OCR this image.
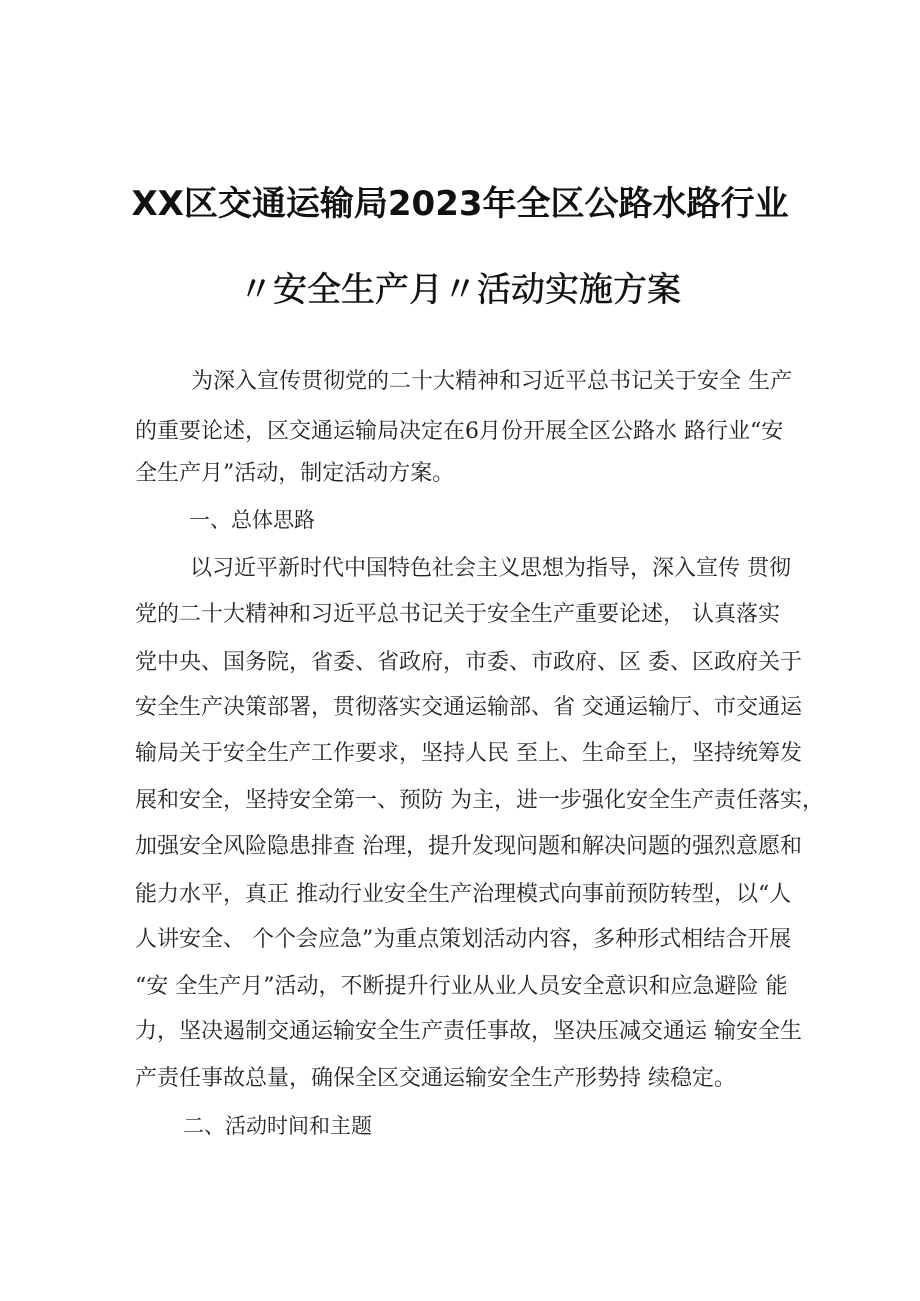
XX区交通运输局2023年全区公路水路行业
〃安全生产月〃活动实施方案
为深入宣传贯彻党的二十大精神和习近平总书记关于安全 生产
的重要论述，区交通运输局决定在6月份开展全区公路水 路行业“安
全生产月”活动，制定活动方案。
一、总体思路
以习近平新时代中国特色社会主义思想为指导，深入宣传 贯彻
党的二十大精神和习近平总书记关于安全生产重要论述， 认真落实
党中央、国务院，省委、省政府，市委、市政府、区 委、区政府关于
安全生产决策部署，贯彻落实交通运输部、省 交通运输厅、市交通运
输局关于安全生产工作要求，坚持人民 至上、生命至上，坚持统筹发
展和安全，坚持安全第一、预防 为主，进一步强化安全生产责任落实，
加强安全风险隐患排查 治理，提升发现问题和解决问题的强烈意愿和
能力水平，真正 推动行业安全生产治理模式向事前预防转型，以“人
人讲安全、 个个会应急”为重点策划活动内容，多种形式相结合开展
“安 全生产月”活动，不断提升行业从业人员安全意识和应急避险 能
力，坚决遏制交通运输安全生产责任事故，坚决压减交通运 输安全生
产责任事故总量，确保全区交通运输安全生产形势持 续稳定。
二、活动时间和主题
